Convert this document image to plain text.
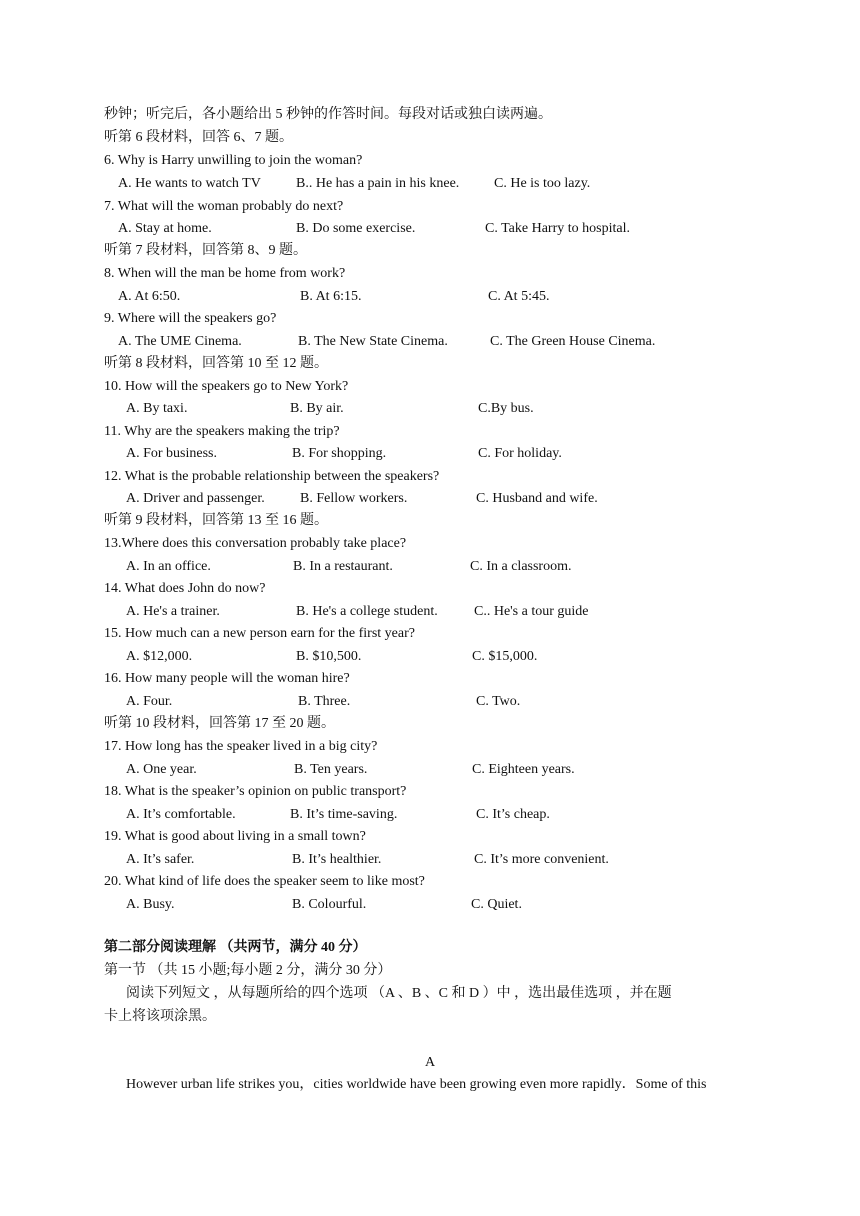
秒钟；听完后，各小题给出 5 秒钟的作答时间。每段对话或独白读两遍。
听第 6 段材料，回答 6、7 题。
6. Why is Harry unwilling to join the woman?
A. He wants to watch TV	B.. He has a pain in his knee. C. He is too lazy.
7. What will the woman probably do next?
A. Stay at home.	B. Do some exercise.	C. Take Harry to hospital.
听第 7 段材料，回答第 8、9 题。
8. When will the man be home from work?
A. At 6:50.	B. At 6:15.	C. At 5:45.
9. Where will the speakers go?
A. The UME Cinema.	B. The New State Cinema.	C. The Green House Cinema.
听第 8 段材料，回答第 10 至 12 题。
10. How will the speakers go to New York?
A. By taxi.	B. By air.	C.By bus.
11. Why are the speakers making the trip?
A. For business.	B. For shopping.	C. For holiday.
12. What is the probable relationship between the speakers?
A. Driver and passenger.	B. Fellow workers.	C. Husband and wife.
听第 9 段材料，回答第 13 至 16 题。
13.Where does this conversation probably take place?
A. In an office.	B. In a restaurant.	C. In a classroom.
14. What does John do now?
A. He's a trainer.	B. He's a college student.	C.. He's a tour guide
15. How much can a new person earn for the first year?
A. $12,000.	B. $10,500.	C. $15,000.
16. How many people will the woman hire?
A. Four.	B. Three.	C. Two.
听第 10 段材料，回答第 17 至 20 题。
17. How long has the speaker lived in a big city?
A. One year.	B. Ten years.	C. Eighteen years.
18. What is the speaker’s opinion on public transport?
A. It’s comfortable.	B. It’s time-saving.	C. It’s cheap.
19. What is good about living in a small town?
A. It’s safer.	B. It’s healthier.	C. It’s more convenient.
20. What kind of life does the speaker seem to like most?
A. Busy.	B. Colourful.	C. Quiet.
第二部分阅读理解 （共两节，满分 40 分）
第一节 （共 15 小题;每小题 2 分，满分 30 分）
阅读下列短文 ，从每题所给的四个选项 （A 、B 、C 和 D ）中 ，选出最佳选项 ，并在题
卡上将该项涂黑。
A
However urban life strikes you，cities worldwide have been growing even more rapidly．Some of this
